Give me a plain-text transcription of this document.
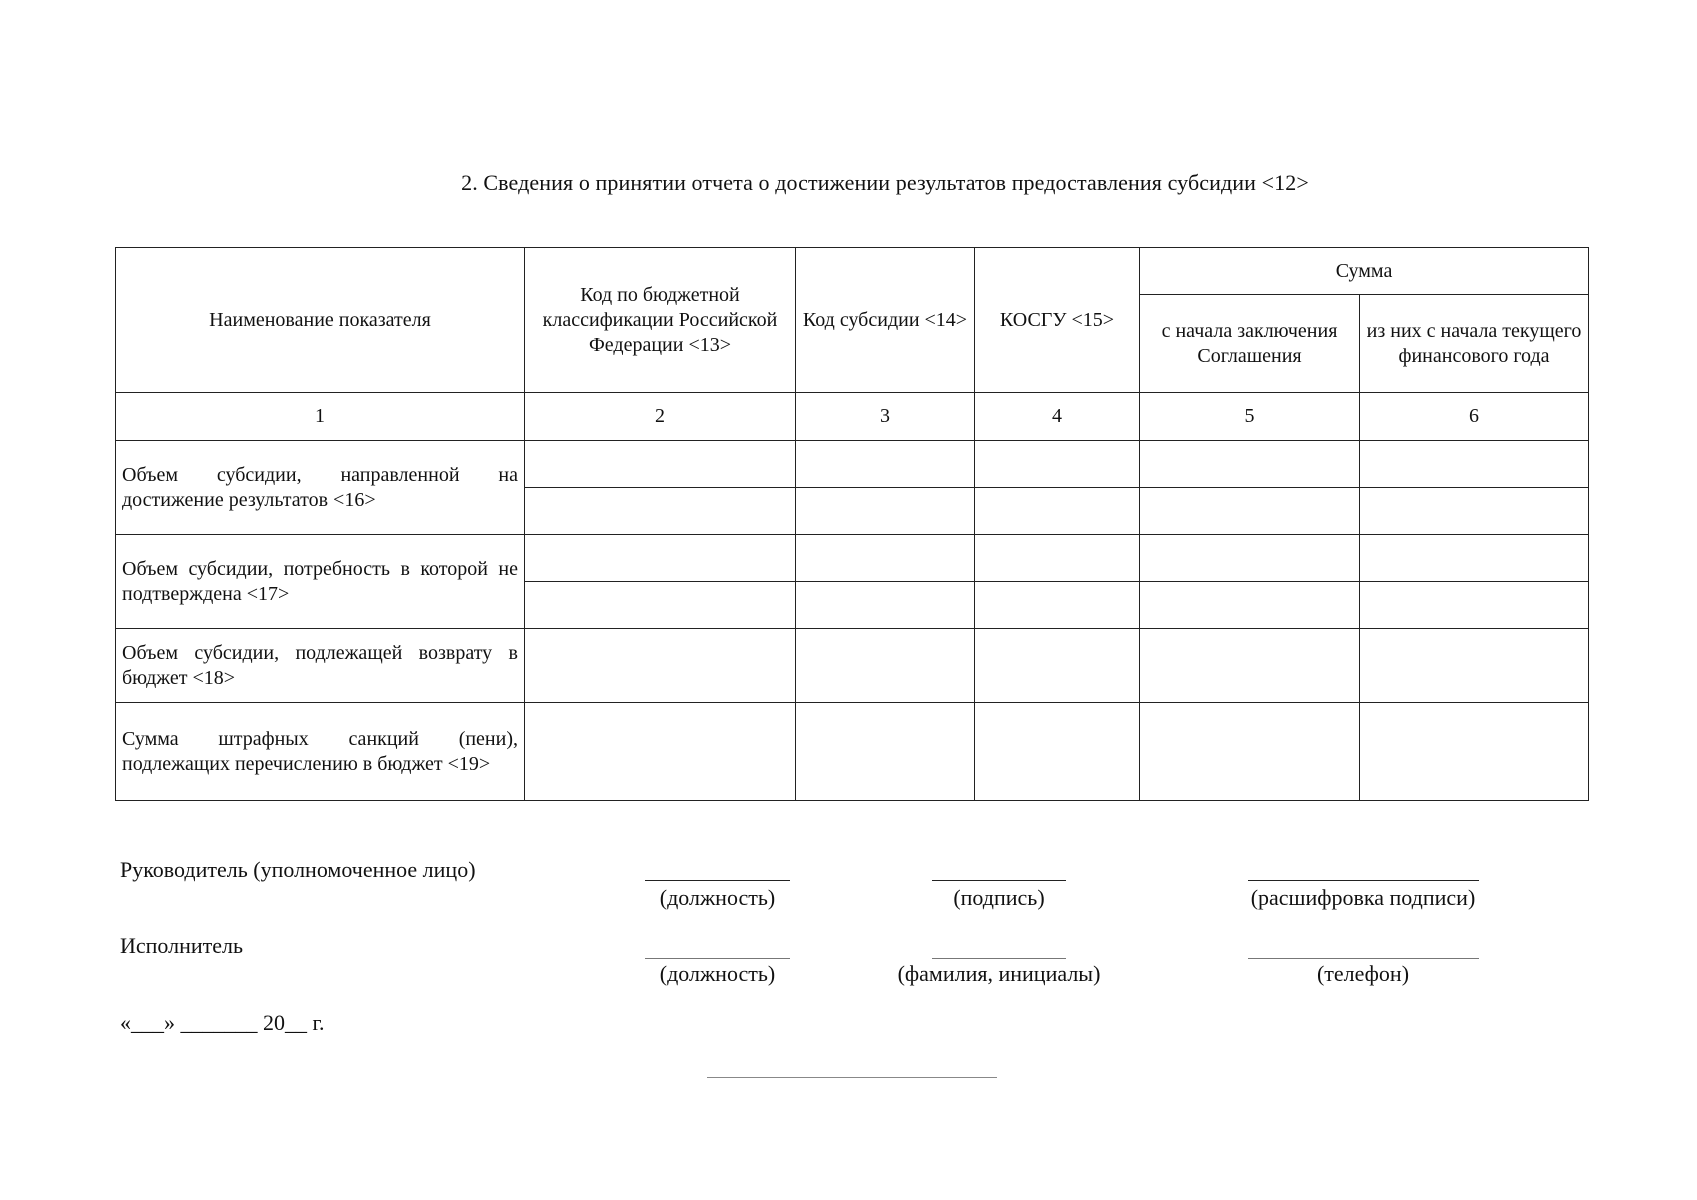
2. Сведения о принятии отчета о достижении результатов предоставления субсидии <12>
Наименование показателя	Код по бюджетной классификации Российской Федерации <13>	Код субсидии <14>	КОСГУ <15>	Сумма	
				с начала заключения Соглашения	из них с начала текущего финансового года
1	2	3	4	5	6
Объем субсидии, направленной на достижение результатов <16>					

Объем субсидии, потребность в которой не подтверждена <17>					

Объем субсидии, подлежащей возврату в бюджет <18>					
Сумма штрафных санкций (пени), подлежащих перечислению в бюджет <19>					
Руководитель (уполномоченное лицо)
(должность)	(подпись)	(расшифровка подписи)
Исполнитель
(должность)	(фамилия, инициалы)	(телефон)
«___» _______ 20__ г.
